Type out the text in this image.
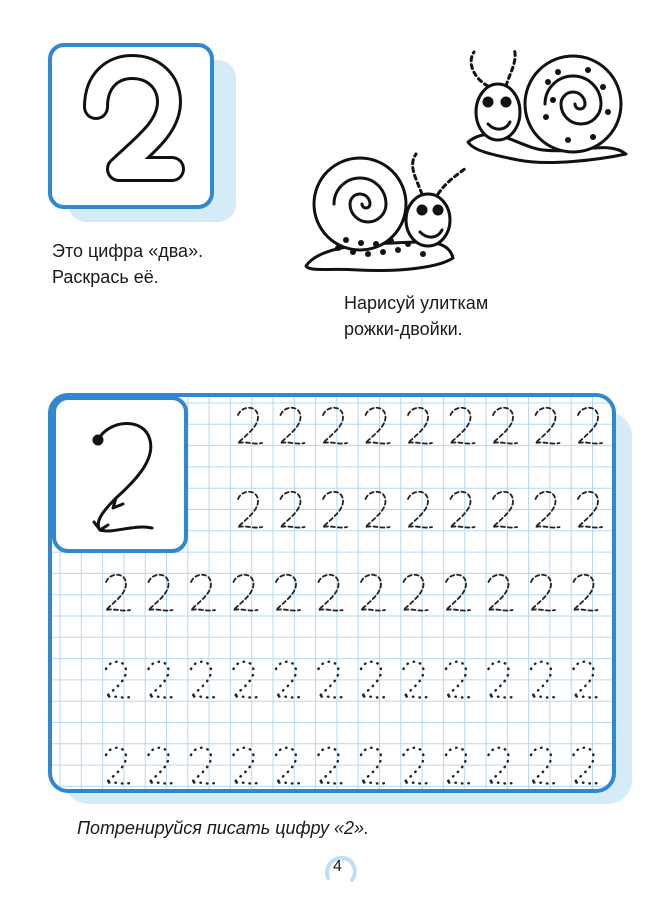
Это цифра «два».
Раскрась её.
Нарисуй улиткам
рожки-двойки.
Потренируйся писать цифру «2».
4
